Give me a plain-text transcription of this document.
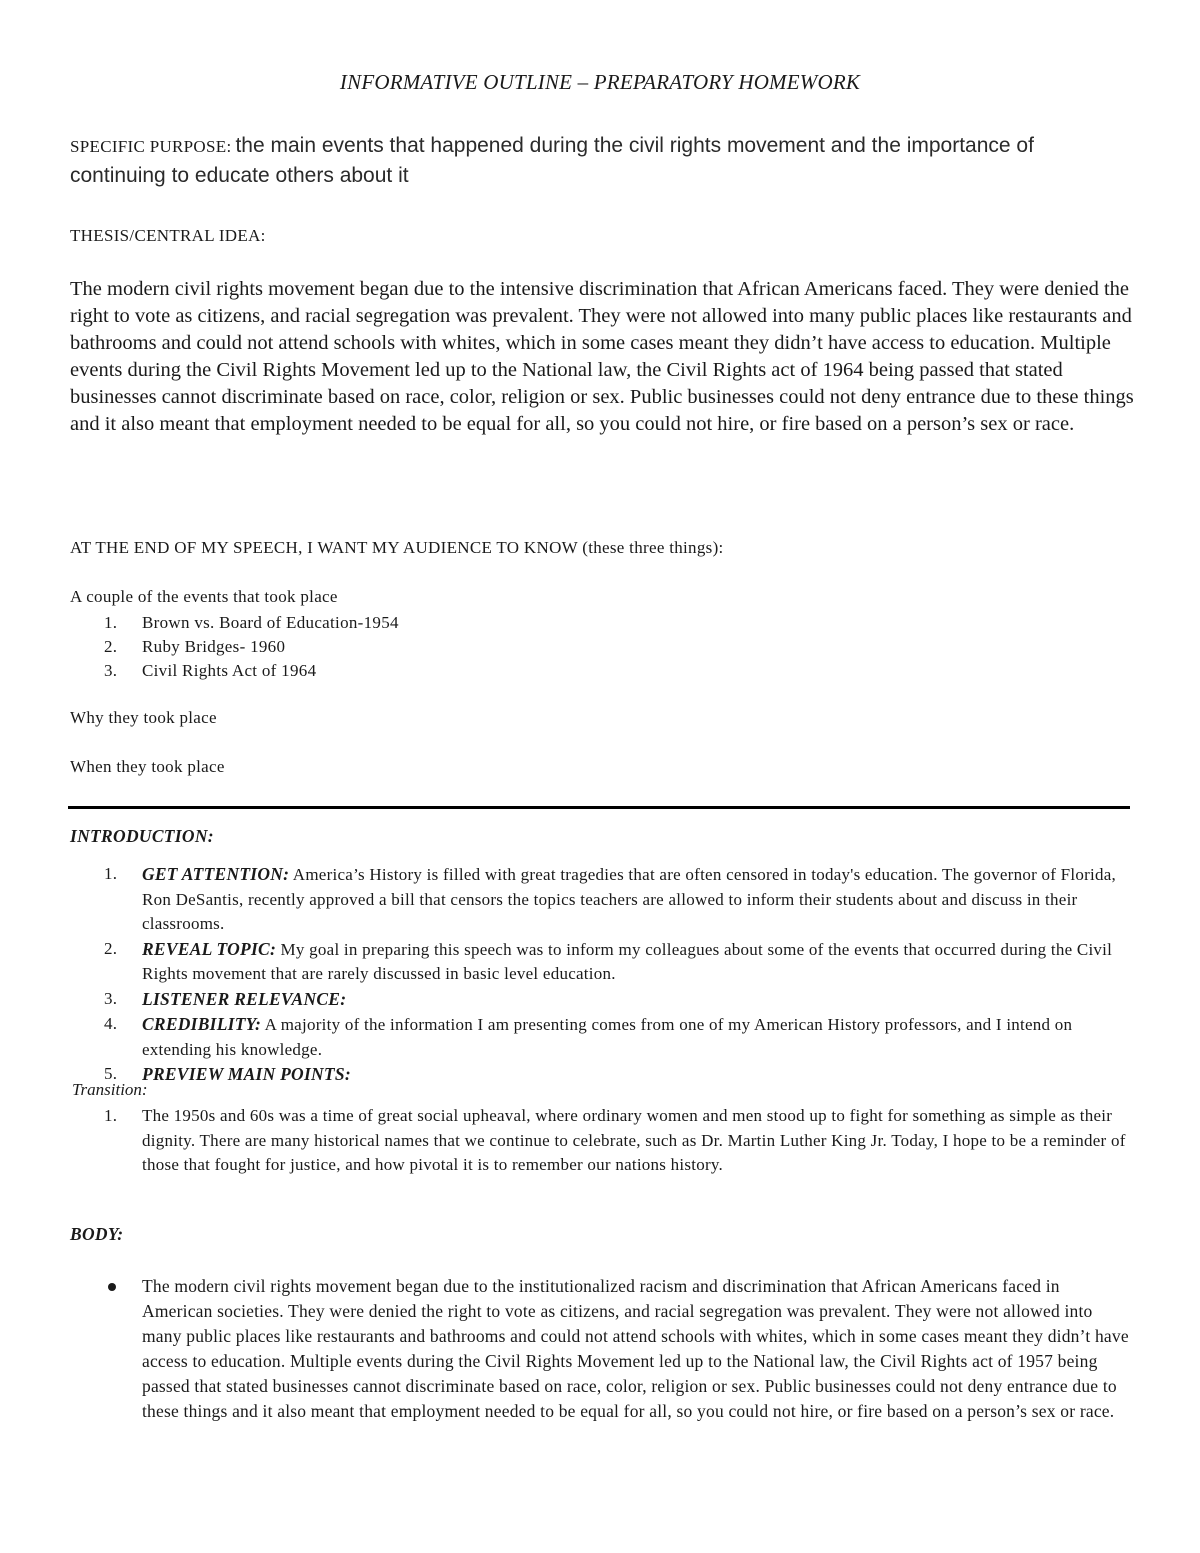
INFORMATIVE OUTLINE – PREPARATORY HOMEWORK
SPECIFIC PURPOSE: the main events that happened during the civil rights movement and the importance of continuing to educate others about it
THESIS/CENTRAL IDEA:

The modern civil rights movement began due to the intensive discrimination that African Americans faced. They were denied the right to vote as citizens, and racial segregation was prevalent. They were not allowed into many public places like restaurants and bathrooms and could not attend schools with whites, which in some cases meant they didn’t have access to education. Multiple events during the Civil Rights Movement led up to the National law, the Civil Rights act of 1964 being passed that stated businesses cannot discriminate based on race, color, religion or sex. Public businesses could not deny entrance due to these things and it also meant that employment needed to be equal for all, so you could not hire, or fire based on a person’s sex or race.

AT THE END OF MY SPEECH, I WANT MY AUDIENCE TO KNOW (these three things):
A couple of the events that took place
1. Brown vs. Board of Education-1954
2. Ruby Bridges- 1960
3. Civil Rights Act of 1964
Why they took place
When they took place
INTRODUCTION:
1. GET ATTENTION: America’s History is filled with great tragedies that are often censored in today's education. The governor of Florida, Ron DeSantis, recently approved a bill that censors the topics teachers are allowed to inform their students about and discuss in their classrooms.
2. REVEAL TOPIC: My goal in preparing this speech was to inform my colleagues about some of the events that occurred during the Civil Rights movement that are rarely discussed in basic level education.
3. LISTENER RELEVANCE:
4. CREDIBILITY: A majority of the information I am presenting comes from one of my American History professors, and I intend on extending his knowledge.
5. PREVIEW MAIN POINTS:
Transition:
1. The 1950s and 60s was a time of great social upheaval, where ordinary women and men stood up to fight for something as simple as their dignity. There are many historical names that we continue to celebrate, such as Dr. Martin Luther King Jr. Today, I hope to be a reminder of those that fought for justice, and how pivotal it is to remember our nations history.
BODY:
The modern civil rights movement began due to the institutionalized racism and discrimination that African Americans faced in American societies. They were denied the right to vote as citizens, and racial segregation was prevalent. They were not allowed into many public places like restaurants and bathrooms and could not attend schools with whites, which in some cases meant they didn’t have access to education. Multiple events during the Civil Rights Movement led up to the National law, the Civil Rights act of 1957 being passed that stated businesses cannot discriminate based on race, color, religion or sex. Public businesses could not deny entrance due to these things and it also meant that employment needed to be equal for all, so you could not hire, or fire based on a person’s sex or race.
